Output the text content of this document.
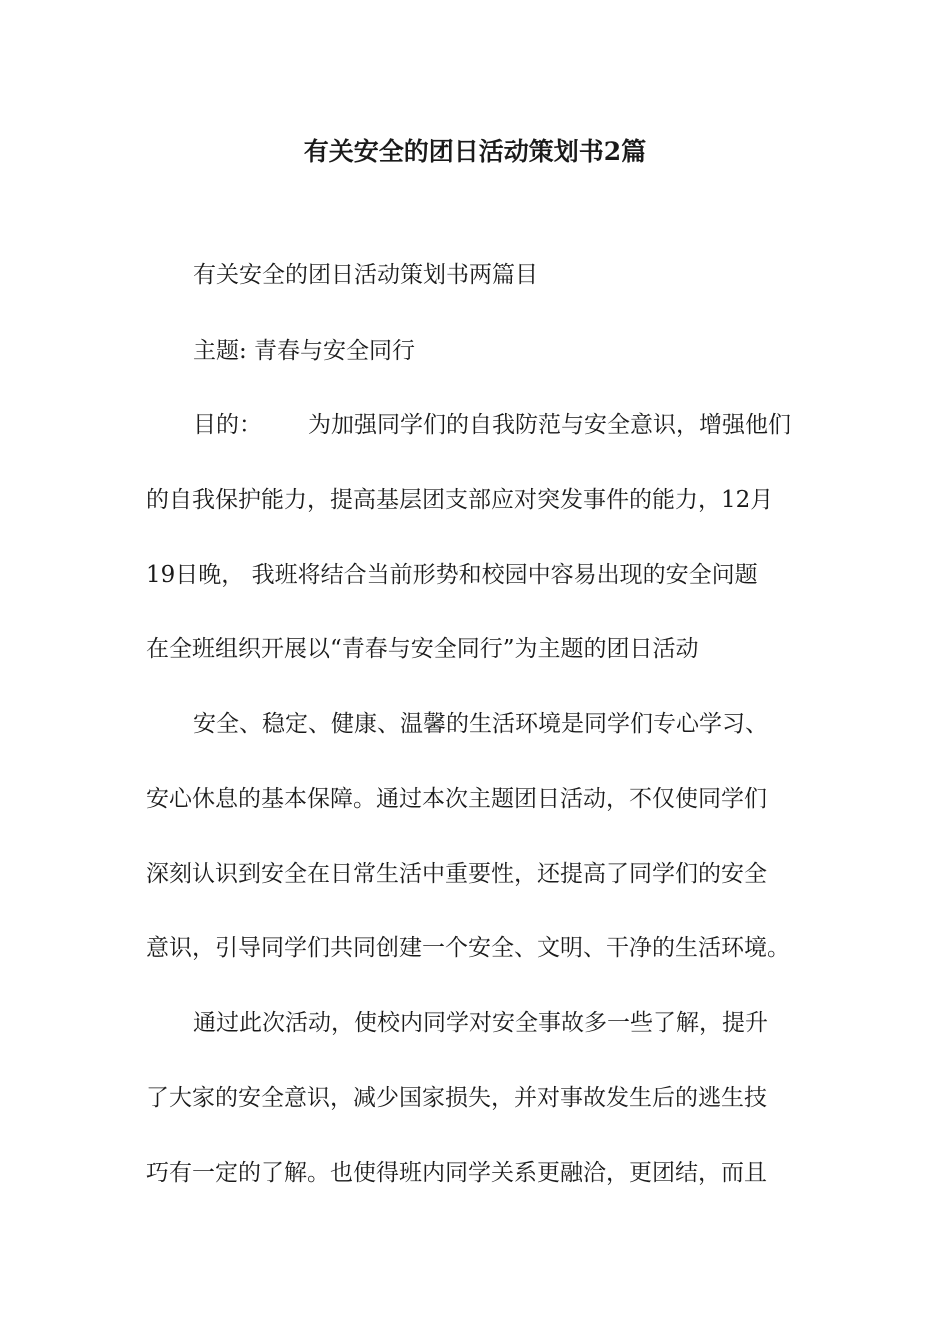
有关安全的团日活动策划书2篇
有关安全的团日活动策划书两篇目
主题: 青春与安全同行
目的： 为加强同学们的自我防范与安全意识，增强他们
的自我保护能力，提高基层团支部应对突发事件的能力，12月
19日晚， 我班将结合当前形势和校园中容易出现的安全问题
在全班组织开展以“青春与安全同行”为主题的团日活动
安全、稳定、健康、温馨的生活环境是同学们专心学习、
安心休息的基本保障。通过本次主题团日活动，不仅使同学们
深刻认识到安全在日常生活中重要性，还提高了同学们的安全
意识，引导同学们共同创建一个安全、文明、干净的生活环境。
通过此次活动，使校内同学对安全事故多一些了解，提升
了大家的安全意识，减少国家损失，并对事故发生后的逃生技
巧有一定的了解。也使得班内同学关系更融洽，更团结，而且
